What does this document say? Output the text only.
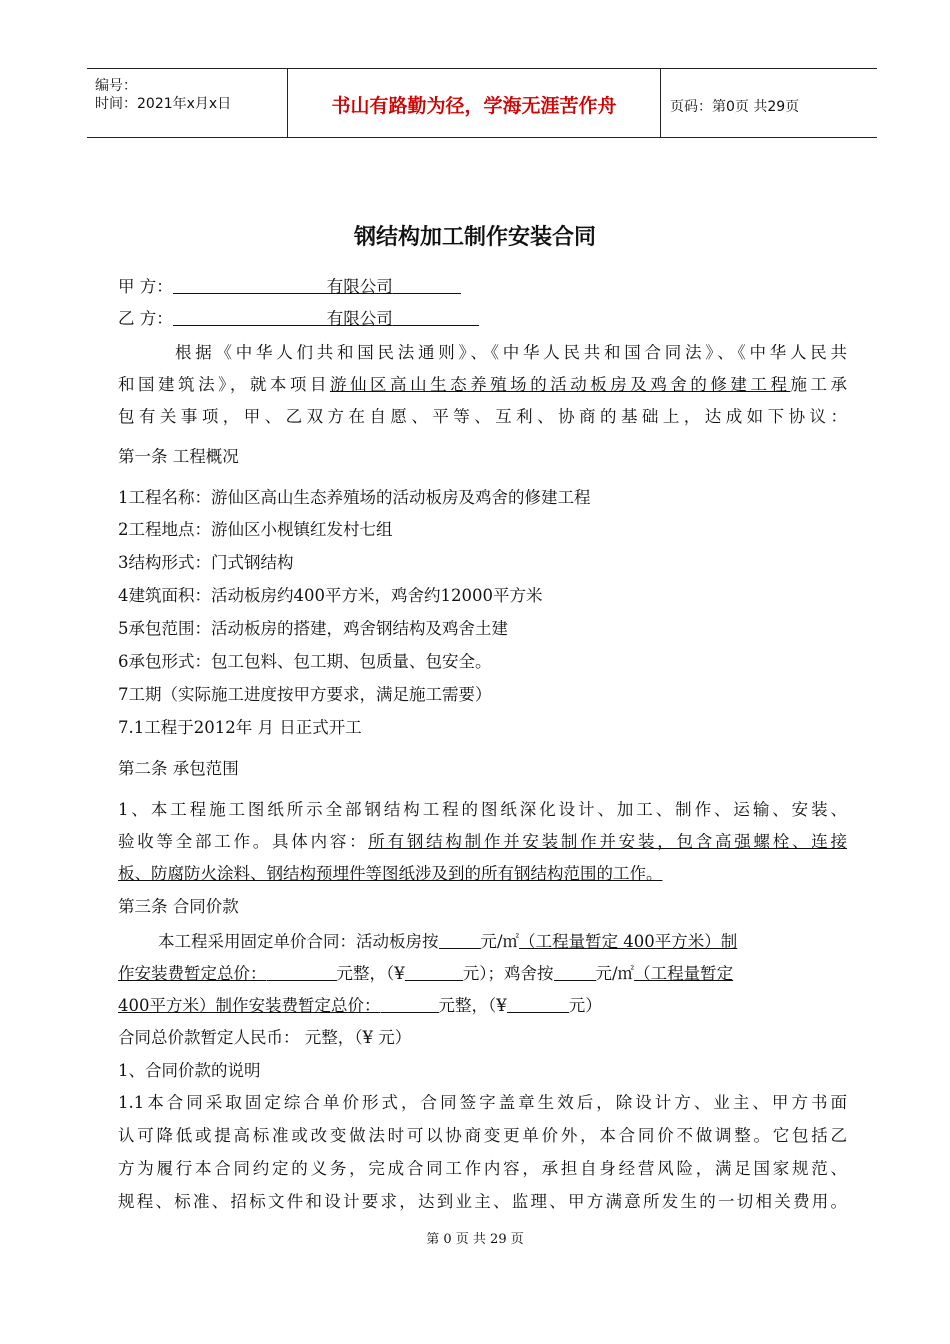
编号：
时间：2021年x月x日	书山有路勤为径，学海无涯苦作舟	页码：第0页 共29页
钢结构加工制作安装合同
甲 方：	有限公司
乙 方：	有限公司
根据《中华人们共和国民法通则》、《中华人民共和国合同法》、《中华人民共
和国建筑法》，就本项目游仙区高山生态养殖场的活动板房及鸡舍的修建工程施工承
包有关事项，甲、乙双方在自愿、平等、互利、协商的基础上，达成如下协议：
第一条 工程概况
1工程名称：游仙区高山生态养殖场的活动板房及鸡舍的修建工程
2工程地点：游仙区小枧镇红发村七组
3结构形式：门式钢结构
4建筑面积：活动板房约400平方米，鸡舍约12000平方米
5承包范围：活动板房的搭建，鸡舍钢结构及鸡舍土建
6承包形式：包工包料、包工期、包质量、包安全。
7工期（实际施工进度按甲方要求，满足施工需要）
7.1工程于2012年 月 日正式开工
第二条 承包范围
1、本工程施工图纸所示全部钢结构工程的图纸深化设计、加工、制作、运输、安装、
验收等全部工作。具体内容：所有钢结构制作并安装制作并安装，包含高强螺栓、连接
板、防腐防火涂料、钢结构预埋件等图纸涉及到的所有钢结构范围的工作。
第三条 合同价款
本工程采用固定单价合同：活动板房按	元/㎡（工程量暂定 400平方米）制
作安装费暂定总价：	元整，（¥	元）；鸡舍按	元/㎡（工程量暂定
400平方米）制作安装费暂定总价：	元整，（¥	元）
合同总价款暂定人民币： 元整，（¥ 元）
1、合同价款的说明
1.1本合同采取固定综合单价形式，合同签字盖章生效后，除设计方、业主、甲方书面
认可降低或提高标准或改变做法时可以协商变更单价外，本合同价不做调整。它包括乙
方为履行本合同约定的义务，完成合同工作内容，承担自身经营风险，满足国家规范、
规程、标准、招标文件和设计要求，达到业主、监理、甲方满意所发生的一切相关费用。
第 0 页 共 29 页
